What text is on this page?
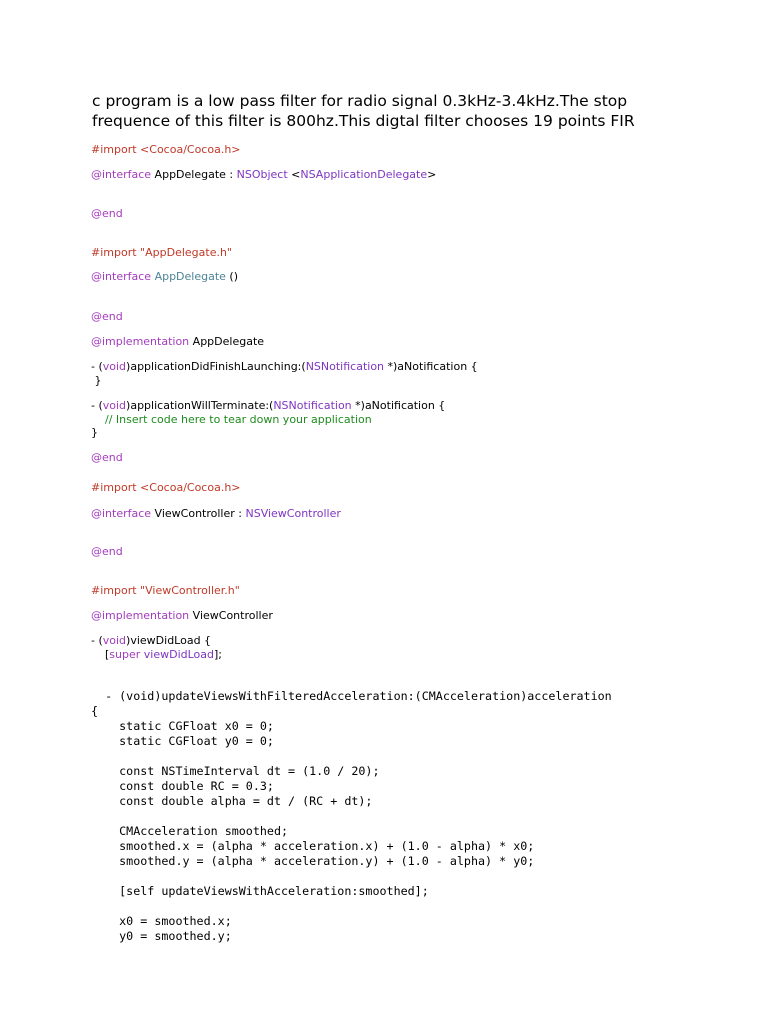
c program is a low pass filter for radio signal 0.3kHz-3.4kHz.The stop
frequence of this filter is 800hz.This digtal filter chooses 19 points FIR
#import <Cocoa/Cocoa.h>
@interface AppDelegate : NSObject <NSApplicationDelegate>
@end
#import "AppDelegate.h"
@interface AppDelegate ()
@end
@implementation AppDelegate
- (void)applicationDidFinishLaunching:(NSNotification *)aNotification {
}
- (void)applicationWillTerminate:(NSNotification *)aNotification {
// Insert code here to tear down your application
}
@end
#import <Cocoa/Cocoa.h>
@interface ViewController : NSViewController
@end
#import "ViewController.h"
@implementation ViewController
- (void)viewDidLoad {
[super viewDidLoad];

- (void)updateViewsWithFilteredAcceleration:(CMAcceleration)acceleration
{
static CGFloat x0 = 0;
static CGFloat y0 = 0;

const NSTimeInterval dt = (1.0 / 20);
const double RC = 0.3;
const double alpha = dt / (RC + dt);

CMAcceleration smoothed;
smoothed.x = (alpha * acceleration.x) + (1.0 - alpha) * x0;
smoothed.y = (alpha * acceleration.y) + (1.0 - alpha) * y0;

[self updateViewsWithAcceleration:smoothed];

x0 = smoothed.x;
y0 = smoothed.y;
